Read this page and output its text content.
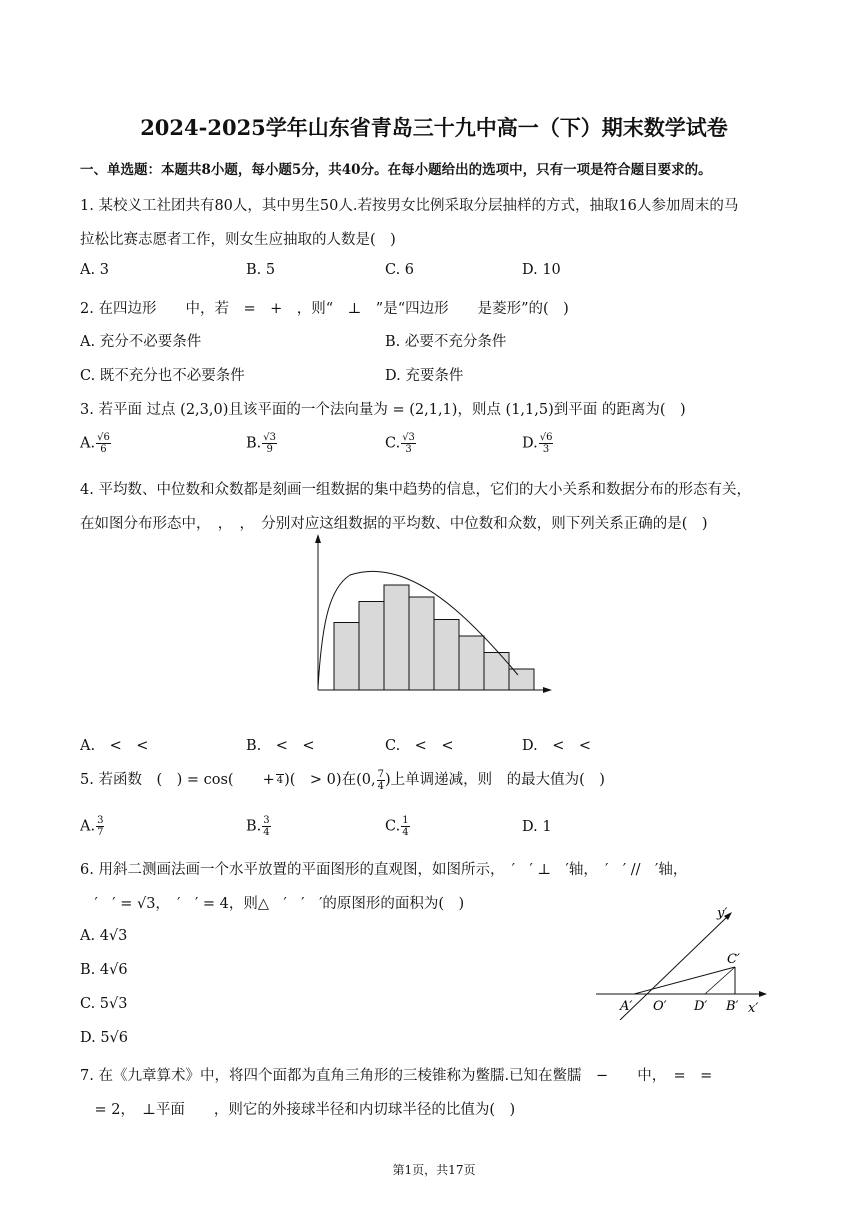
2024-2025学年山东省青岛三十九中高一（下）期末数学试卷
一、单选题：本题共8小题，每小题5分，共40分。在每小题给出的选项中，只有一项是符合题目要求的。
1. 某校义工社团共有80人，其中男生50人.若按男女比例采取分层抽样的方式，抽取16人参加周末的马
拉松比赛志愿者工作，则女生应抽取的人数是(　)
A. 3	B. 5	C. 6	D. 10
2. 在四边形　　中，若　=　+　，则“　⊥　”是“四边形　　是菱形”的(　)
A. 充分不必要条件	B. 必要不充分条件
C. 既不充分也不必要条件	D. 充要条件
3. 若平面 过点 (2,3,0)且该平面的一个法向量为 = (2,1,1)，则点 (1,1,5)到平面 的距离为(　)
A. $\frac{√6}{6}$	B. $\frac{√3}{9}$	C. $\frac{√3}{3}$	D. $\frac{√6}{3}$
4. 平均数、中位数和众数都是刻画一组数据的集中趋势的信息，它们的大小关系和数据分布的形态有关，
在如图分布形态中，　，　，　分别对应这组数据的平均数、中位数和众数，则下列关系正确的是(　)
A.　<　<	B.　<　<	C.　<　<	D.　<　<
5. 若函数　(　) = cos(　　+ 4 )(　> 0)在(0, $\frac{7}{4}$ )上单调递减，则　的最大值为(　)
A. $\frac{3}{7}$	B. $\frac{3}{4}$	C. $\frac{1}{4}$	D. 1
6. 用斜二测画法画一个水平放置的平面图形的直观图，如图所示，　′　′ ⊥　′轴，　′　′ //　′轴，
　′　′ = √3，　′　′ = 4，则△　′　′　′的原图形的面积为(　)
A. 4√3
B. 4√6
C. 5√3
D. 5√6
y′
C′
A′ O′ D′ B′ x′
7. 在《九章算术》中，将四个面都为直角三角形的三棱锥称为鳖臑.已知在鳖臑　−　　中，　=　=
　= 2，　⊥平面　　，则它的外接球半径和内切球半径的比值为(　)
第1页，共17页
